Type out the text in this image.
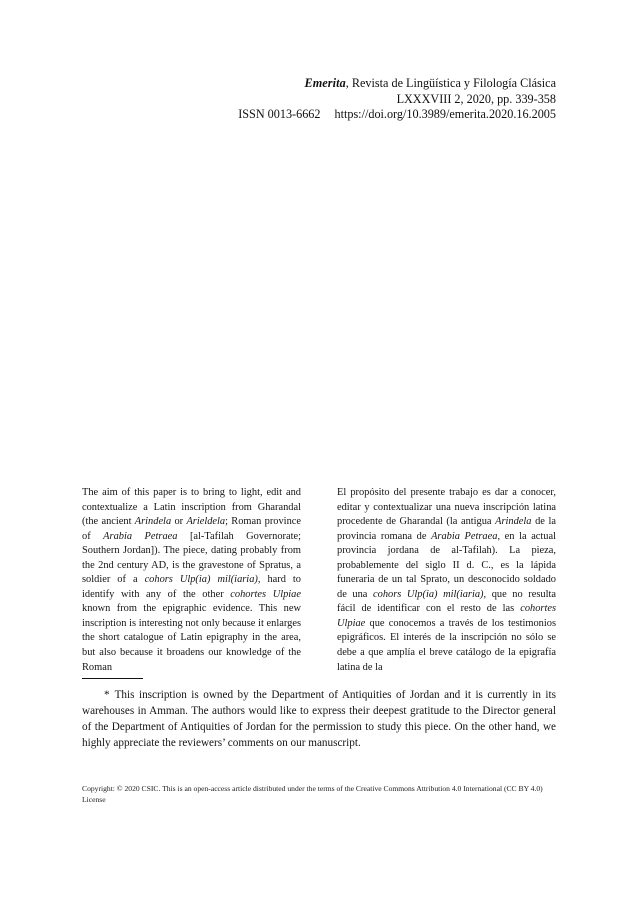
Emerita, Revista de Lingüística y Filología Clásica
LXXXVIII 2, 2020, pp. 339-358
ISSN 0013-6662 https://doi.org/10.3989/emerita.2020.16.2005
The aim of this paper is to bring to light, edit and contextualize a Latin inscription from Gharandal (the ancient Arindela or Arieldela; Roman province of Arabia Petraea [al-Tafilah Governorate; Southern Jordan]). The piece, dating probably from the 2nd century AD, is the gravestone of Spratus, a soldier of a cohors Ulp(ia) mil(iaria), hard to identify with any of the other cohortes Ulpiae known from the epigraphic evidence. This new inscription is interesting not only because it enlarges the short catalogue of Latin epigraphy in the area, but also because it broadens our knowledge of the Roman
El propósito del presente trabajo es dar a conocer, editar y contextualizar una nueva inscripción latina procedente de Gharandal (la antigua Arindela de la provincia romana de Arabia Petraea, en la actual provincia jordana de al-Tafilah). La pieza, probablemente del siglo II d. C., es la lápida funeraria de un tal Sprato, un desconocido soldado de una cohors Ulp(ia) mil(iaria), que no resulta fácil de identificar con el resto de las cohortes Ulpiae que conocemos a través de los testimonios epigráficos. El interés de la inscripción no sólo se debe a que amplía el breve catálogo de la epigrafía latina de la
* This inscription is owned by the Department of Antiquities of Jordan and it is currently in its warehouses in Amman. The authors would like to express their deepest gratitude to the Director general of the Department of Antiquities of Jordan for the permission to study this piece. On the other hand, we highly appreciate the reviewers’ comments on our manuscript.
Copyright: © 2020 CSIC. This is an open-access article distributed under the terms of the Creative Commons Attribution 4.0 International (CC BY 4.0) License
